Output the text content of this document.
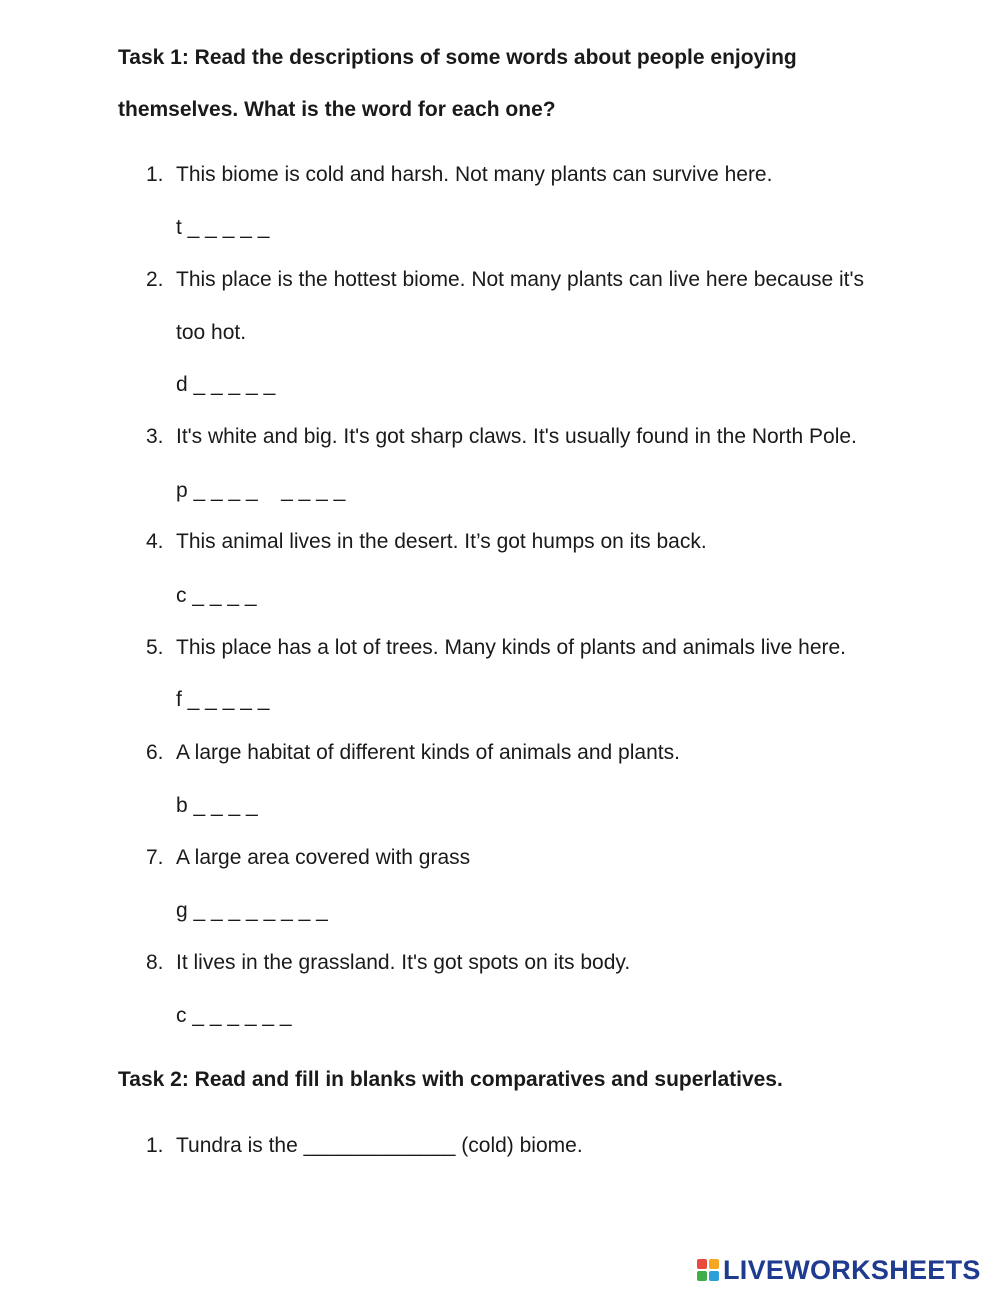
Task 1: Read the descriptions of some words about people enjoying

themselves. What is the word for each one?

1. This biome is cold and harsh. Not many plants can survive here.
t _ _ _ _ _
2. This place is the hottest biome. Not many plants can live here because it's
too hot.
d _ _ _ _ _
3. It's white and big. It's got sharp claws. It's usually found in the North Pole.
p _ _ _ _    _ _ _ _
4. This animal lives in the desert. It’s got humps on its back.
c _ _ _ _
5. This place has a lot of trees. Many kinds of plants and animals live here.
f _ _ _ _ _
6. A large habitat of different kinds of animals and plants.
b _ _ _ _
7. A large area covered with grass
g _ _ _ _ _ _ _ _
8. It lives in the grassland. It's got spots on its body.
c _ _ _ _ _ _

Task 2: Read and fill in blanks with comparatives and superlatives.

1. Tundra is the _____________ (cold) biome.
LIVEWORKSHEETS
